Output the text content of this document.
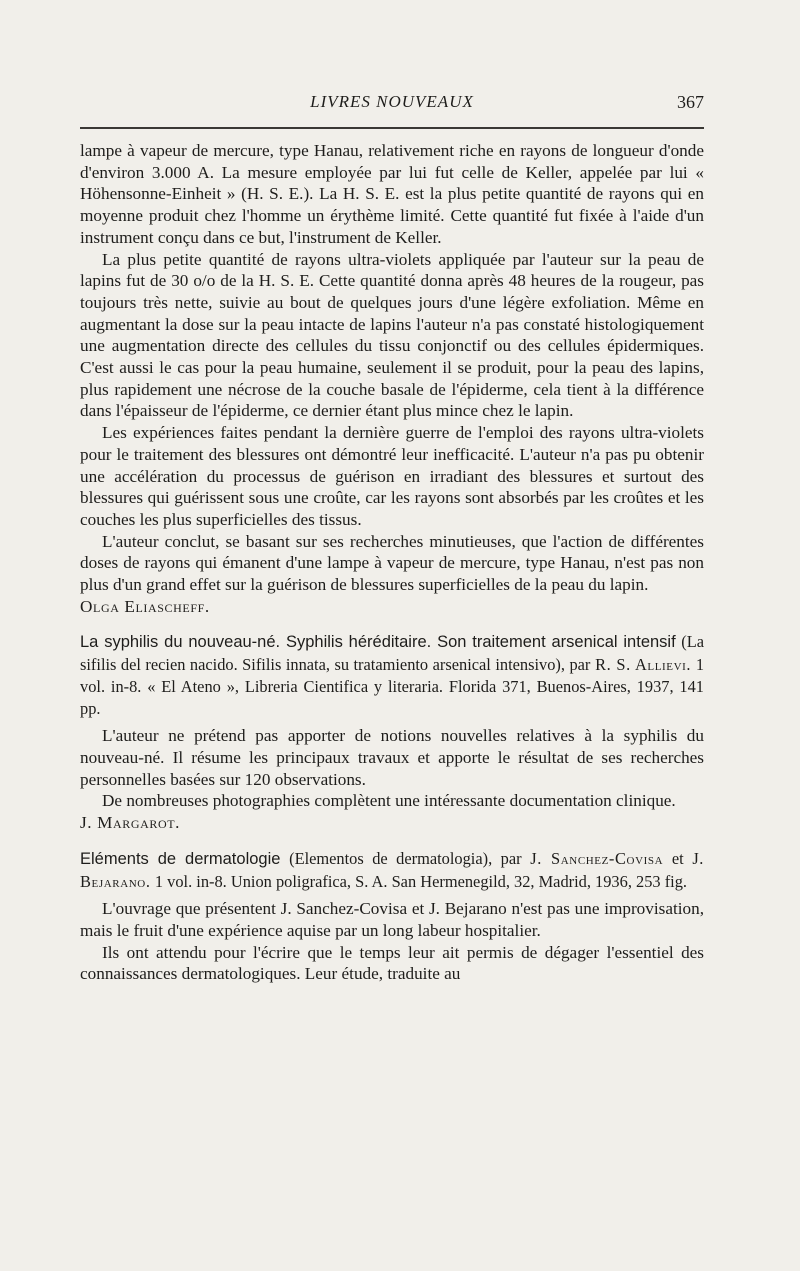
LIVRES NOUVEAUX	367

lampe à vapeur de mercure, type Hanau, relativement riche en rayons de longueur d'onde d'environ 3.000 A. La mesure employée par lui fut celle de Keller, appelée par lui « Höhensonne-Einheit » (H. S. E.). La H. S. E. est la plus petite quantité de rayons qui en moyenne produit chez l'homme un érythème limité. Cette quantité fut fixée à l'aide d'un instrument conçu dans ce but, l'instrument de Keller.

La plus petite quantité de rayons ultra-violets appliquée par l'auteur sur la peau de lapins fut de 30 o/o de la H. S. E. Cette quantité donna après 48 heures de la rougeur, pas toujours très nette, suivie au bout de quelques jours d'une légère exfoliation. Même en augmentant la dose sur la peau intacte de lapins l'auteur n'a pas constaté histologiquement une augmentation directe des cellules du tissu conjonctif ou des cellules épidermiques. C'est aussi le cas pour la peau humaine, seulement il se produit, pour la peau des lapins, plus rapidement une nécrose de la couche basale de l'épiderme, cela tient à la différence dans l'épaisseur de l'épiderme, ce dernier étant plus mince chez le lapin.

Les expériences faites pendant la dernière guerre de l'emploi des rayons ultra-violets pour le traitement des blessures ont démontré leur inefficacité. L'auteur n'a pas pu obtenir une accélération du processus de guérison en irradiant des blessures et surtout des blessures qui guérissent sous une croûte, car les rayons sont absorbés par les croûtes et les couches les plus superficielles des tissus.

L'auteur conclut, se basant sur ses recherches minutieuses, que l'action de différentes doses de rayons qui émanent d'une lampe à vapeur de mercure, type Hanau, n'est pas non plus d'un grand effet sur la guérison de blessures superficielles de la peau du lapin.

Olga Eliascheff.

La syphilis du nouveau-né. Syphilis héréditaire. Son traitement arsenical intensif (La sifilis del recien nacido. Sifilis innata, su tratamiento arsenical intensivo), par R. S. Allievi. 1 vol. in-8. « El Ateno », Libreria Cientifica y literaria. Florida 371, Buenos-Aires, 1937, 141 pp.

L'auteur ne prétend pas apporter de notions nouvelles relatives à la syphilis du nouveau-né. Il résume les principaux travaux et apporte le résultat de ses recherches personnelles basées sur 120 observations.

De nombreuses photographies complètent une intéressante documentation clinique.

J. Margarot.

Eléments de dermatologie (Elementos de dermatologia), par J. Sanchez-Covisa et J. Bejarano. 1 vol. in-8. Union poligrafica, S. A. San Hermenegild, 32, Madrid, 1936, 253 fig.

L'ouvrage que présentent J. Sanchez-Covisa et J. Bejarano n'est pas une improvisation, mais le fruit d'une expérience aquise par un long labeur hospitalier.

Ils ont attendu pour l'écrire que le temps leur ait permis de dégager l'essentiel des connaissances dermatologiques. Leur étude, traduite au
